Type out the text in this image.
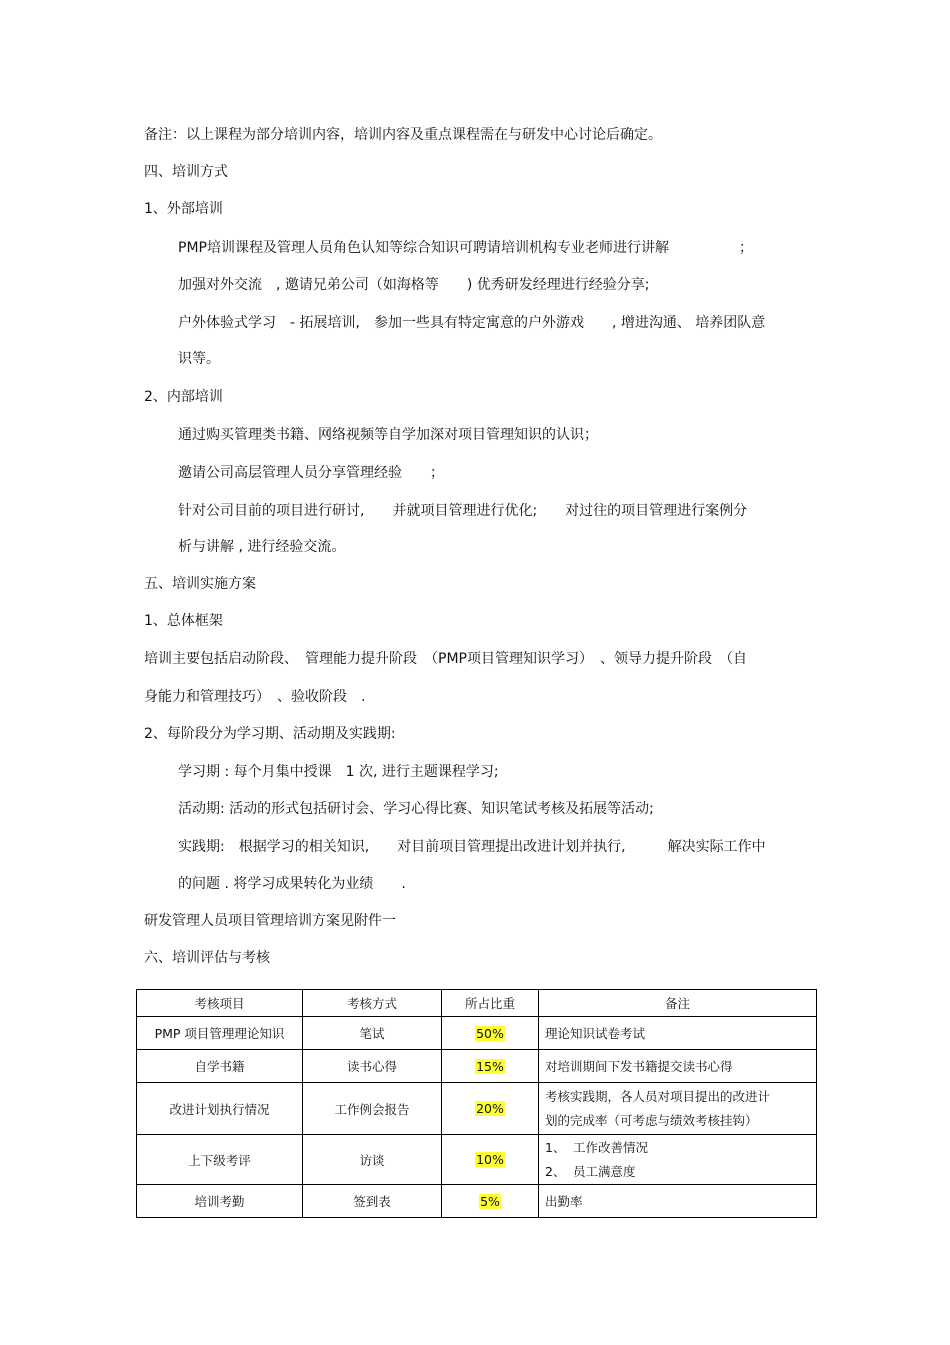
备注：以上课程为部分培训内容，培训内容及重点课程需在与研发中心讨论后确定。
四、培训方式
1、外部培训
PMP培训课程及管理人员角色认知等综合知识可聘请培训机构专业老师进行讲解　　　　　；
加强对外交流　, 邀请兄弟公司（如海格等　　) 优秀研发经理进行经验分享;
户外体验式学习　- 拓展培训,　参加一些具有特定寓意的户外游戏　　, 增进沟通、 培养团队意
识等。
2、内部培训
通过购买管理类书籍、网络视频等自学加深对项目管理知识的认识；
邀请公司高层管理人员分享管理经验　　；
针对公司目前的项目进行研讨,　　并就项目管理进行优化;　　对过往的项目管理进行案例分
析与讲解 , 进行经验交流。
五、培训实施方案
1、总体框架
培训主要包括启动阶段、　管理能力提升阶段　（PMP项目管理知识学习）　、领导力提升阶段　（自
身能力和管理技巧）　、验收阶段　.
2、每阶段分为学习期、活动期及实践期:
学习期 : 每个月集中授课　1 次, 进行主题课程学习;
活动期: 活动的形式包括研讨会、学习心得比赛、知识笔试考核及拓展等活动;
实践期:　根据学习的相关知识,　　对目前项目管理提出改进计划并执行,　　　解决实际工作中
的问题 . 将学习成果转化为业绩　　.
研发管理人员项目管理培训方案见附件一
六、培训评估与考核
考核项目	考核方式	所占比重	备注
PMP 项目管理理论知识	笔试	50%	理论知识试卷考试
自学书籍	读书心得	15%	对培训期间下发书籍提交读书心得
改进计划执行情况	工作例会报告	20%	考核实践期，各人员对项目提出的改进计
划的完成率（可考虑与绩效考核挂钩）

上下级考评	访谈	10%	1、 工作改善情况
2、 员工满意度

培训考勤	签到表	5%	出勤率
